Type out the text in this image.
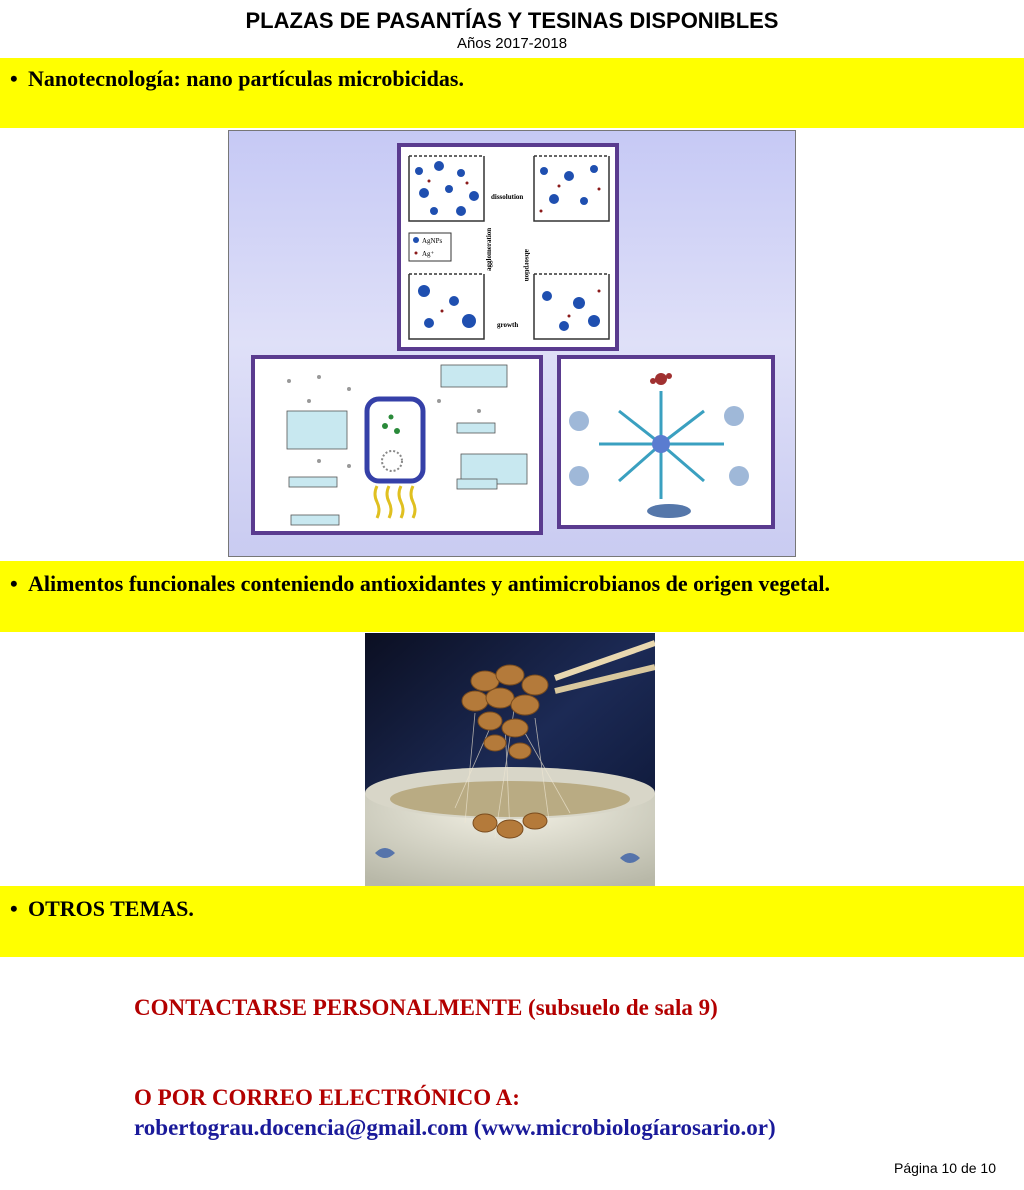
PLAZAS DE PASANTÍAS Y TESINAS DISPONIBLES
Años 2017-2018
• Nanotecnología: nano partículas microbicidas.
AgNPs
Ag⁺
dissolution
growth
absorption
agglomeration
• Alimentos funcionales conteniendo antioxidantes y antimicrobianos de origen vegetal.
• OTROS TEMAS.
CONTACTARSE PERSONALMENTE (subsuelo de sala 9)
O POR CORREO ELECTRÓNICO A:
robertograu.docencia@gmail.com (www.microbiologíarosario.or)
Página 10 de 10
